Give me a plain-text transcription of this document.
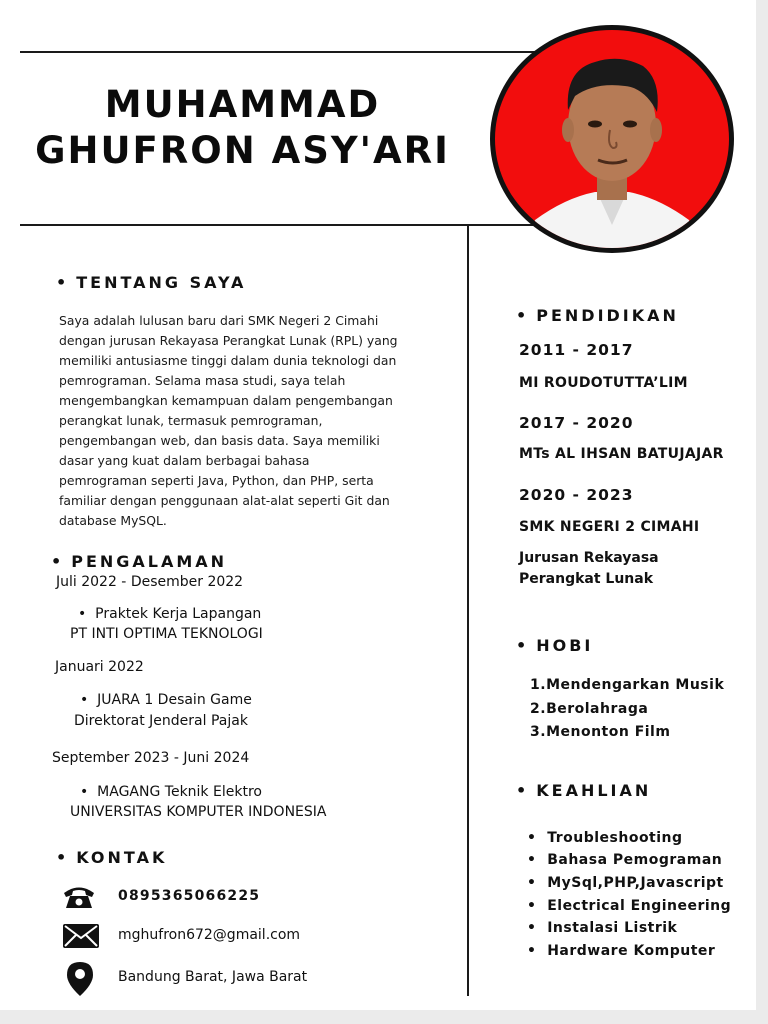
MUHAMMAD
GHUFRON ASY'ARI
• TENTANG SAYA

Saya adalah lulusan baru dari SMK Negeri 2 Cimahi dengan jurusan Rekayasa Perangkat Lunak (RPL) yang memiliki antusiasme tinggi dalam dunia teknologi dan pemrograman. Selama masa studi, saya telah mengembangkan kemampuan dalam pengembangan perangkat lunak, termasuk pemrograman, pengembangan web, dan basis data. Saya memiliki dasar yang kuat dalam berbagai bahasa pemrograman seperti Java, Python, dan PHP, serta familiar dengan penggunaan alat-alat seperti Git dan database MySQL.

• PENGALAMAN
Juli 2022 - Desember 2022
•  Praktek Kerja Lapangan
PT INTI OPTIMA TEKNOLOGI
Januari 2022
•  JUARA 1 Desain Game
Direktorat Jenderal Pajak
September 2023 - Juni 2024
•  MAGANG Teknik Elektro
UNIVERSITAS KOMPUTER INDONESIA
• KONTAK
0895365066225
mghufron672@gmail.com
Bandung Barat, Jawa Barat
• PENDIDIKAN
2011 - 2017
MI ROUDOTUTTA’LIM
2017 - 2020
MTs AL IHSAN BATUJAJAR
2020 - 2023
SMK NEGERI 2 CIMAHI
Jurusan Rekayasa Perangkat Lunak
• HOBI
1.Mendengarkan Musik
2.Berolahraga
3.Menonton Film
• KEAHLIAN
•  Troubleshooting
•  Bahasa Pemograman
•  MySql,PHP,Javascript
•  Electrical Engineering
•  Instalasi Listrik
•  Hardware Komputer
